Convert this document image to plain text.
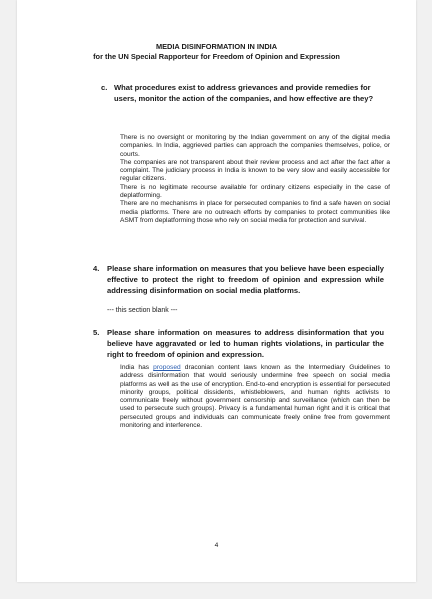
MEDIA DISINFORMATION IN INDIA
for the UN Special Rapporteur for Freedom of Opinion and Expression
c. What procedures exist to address grievances and provide remedies for users, monitor the action of the companies, and how effective are they?

There is no oversight or monitoring by the Indian government on any of the digital media companies. In India, aggrieved parties can approach the companies themselves, police, or courts.

The companies are not transparent about their review process and act after the fact after a complaint. The judiciary process in India is known to be very slow and easily accessible for regular citizens.

There is no legitimate recourse available for ordinary citizens especially in the case of deplatforming.

There are no mechanisms in place for persecuted companies to find a safe haven on social media platforms. There are no outreach efforts by companies to protect communities like ASMT from deplatforming those who rely on social media for protection and survival.

4. Please share information on measures that you believe have been especially effective to protect the right to freedom of opinion and expression while addressing disinformation on social media platforms.
--- this section blank ---
5. Please share information on measures to address disinformation that you believe have aggravated or led to human rights violations, in particular the right to freedom of opinion and expression.

India has proposed draconian content laws known as the Intermediary Guidelines to address disinformation that would seriously undermine free speech on social media platforms as well as the use of encryption. End-to-end encryption is essential for persecuted minority groups, political dissidents, whistleblowers, and human rights activists to communicate freely without government censorship and surveillance (which can then be used to persecute such groups). Privacy is a fundamental human right and it is critical that persecuted groups and individuals can communicate freely online free from government monitoring and interference.

4
